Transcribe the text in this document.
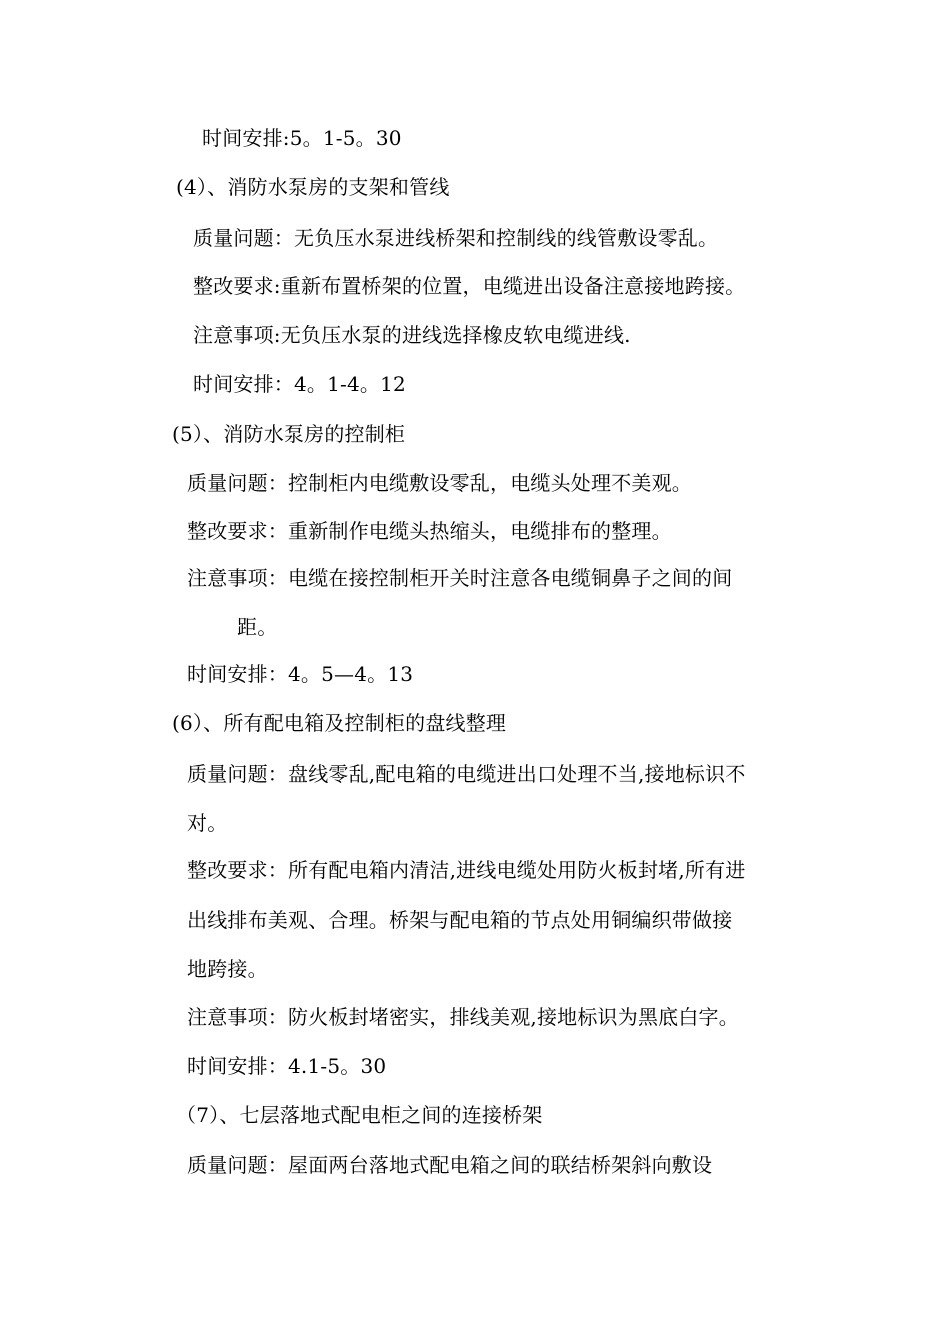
时间安排:5。1-5。30
(4）、消防水泵房的支架和管线
质量问题：无负压水泵进线桥架和控制线的线管敷设零乱。
整改要求:重新布置桥架的位置，电缆进出设备注意接地跨接。
注意事项:无负压水泵的进线选择橡皮软电缆进线.
时间安排：4。1-4。12
(5）、消防水泵房的控制柜
质量问题：控制柜内电缆敷设零乱，电缆头处理不美观。
整改要求：重新制作电缆头热缩头，电缆排布的整理。
注意事项：电缆在接控制柜开关时注意各电缆铜鼻子之间的间
距。
时间安排：4。5—4。13
(6）、所有配电箱及控制柜的盘线整理
质量问题：盘线零乱,配电箱的电缆进出口处理不当,接地标识不
对。
整改要求：所有配电箱内清洁,进线电缆处用防火板封堵,所有进
出线排布美观、合理。桥架与配电箱的节点处用铜编织带做接
地跨接。
注意事项：防火板封堵密实，排线美观,接地标识为黑底白字。
时间安排：4.1-5。30
（7）、七层落地式配电柜之间的连接桥架
质量问题：屋面两台落地式配电箱之间的联结桥架斜向敷设
